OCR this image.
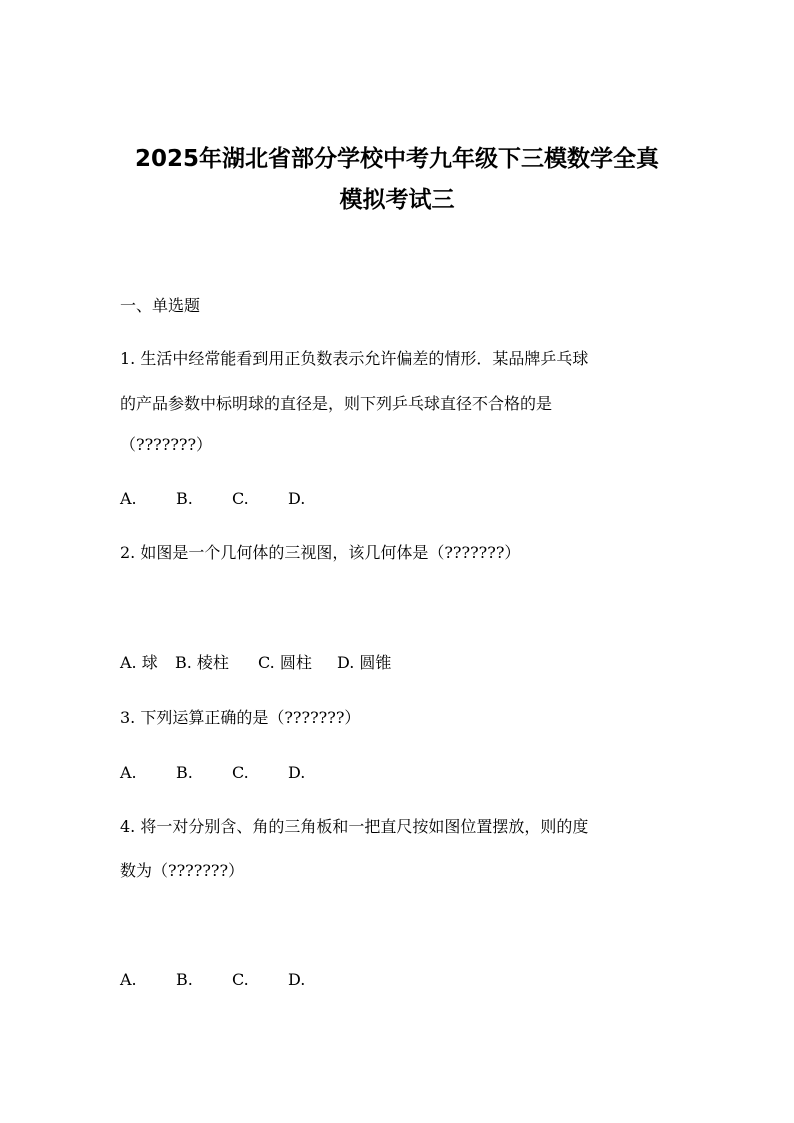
2025年湖北省部分学校中考九年级下三模数学全真
模拟考试三
一、单选题
1. 生活中经常能看到用正负数表示允许偏差的情形．某品牌乒乓球
的产品参数中标明球的直径是，则下列乒乓球直径不合格的是
（???????）
A. B. C. D.
2. 如图是一个几何体的三视图，该几何体是（???????）
A. 球 B. 棱柱 C. 圆柱 D. 圆锥
3. 下列运算正确的是（???????）
A. B. C. D.
4. 将一对分别含、角的三角板和一把直尺按如图位置摆放，则的度
数为（???????）
A. B. C. D.
